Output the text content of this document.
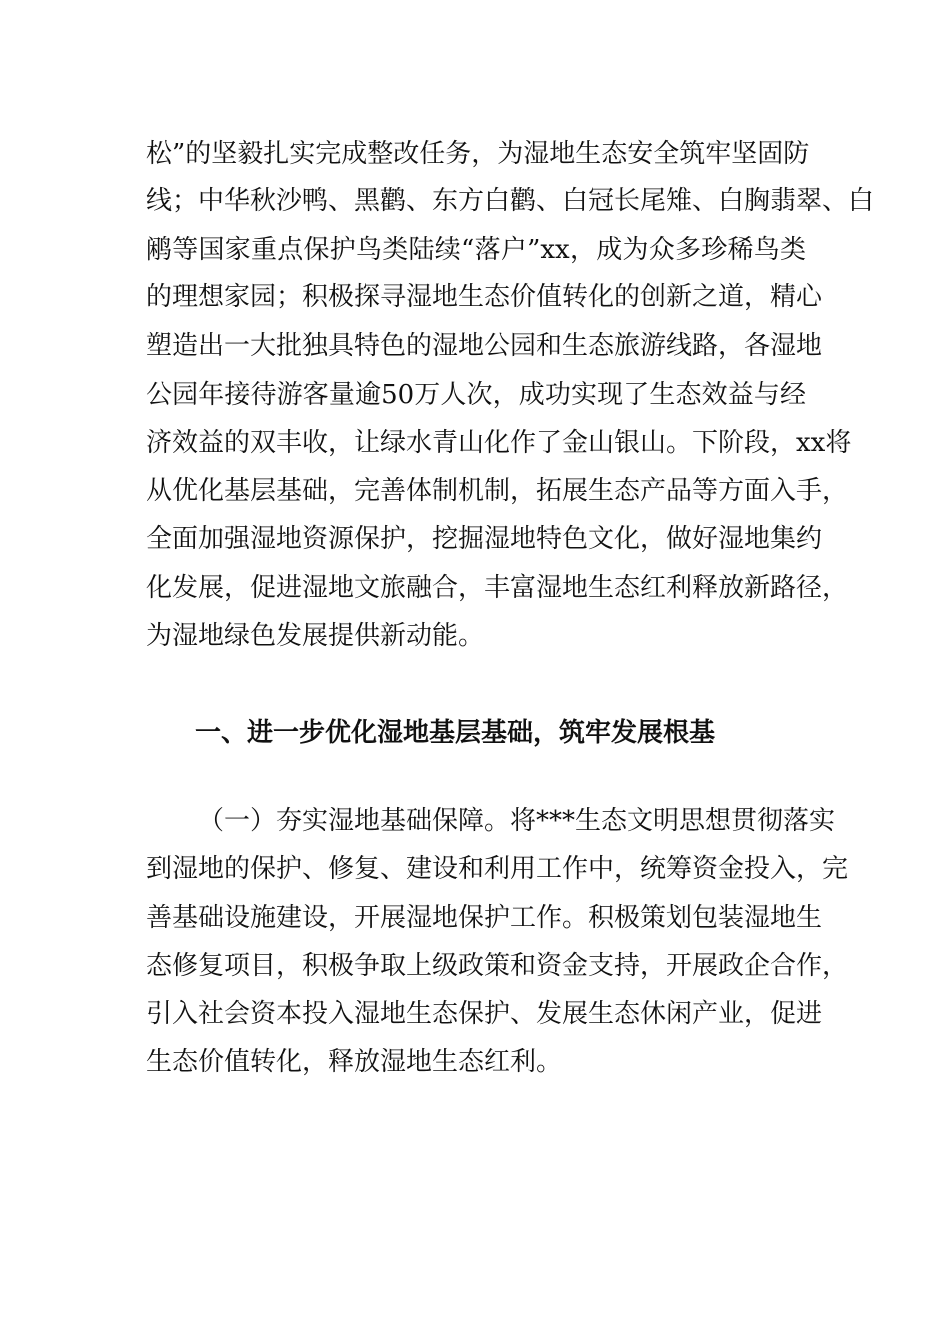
松”的坚毅扎实完成整改任务，为湿地生态安全筑牢坚固防
线；中华秋沙鸭、黑鹳、东方白鹳、白冠长尾雉、白胸翡翠、白
鹇等国家重点保护鸟类陆续“落户”xx，成为众多珍稀鸟类
的理想家园；积极探寻湿地生态价值转化的创新之道，精心
塑造出一大批独具特色的湿地公园和生态旅游线路，各湿地
公园年接待游客量逾50万人次，成功实现了生态效益与经
济效益的双丰收，让绿水青山化作了金山银山。下阶段，xx将
从优化基层基础，完善体制机制，拓展生态产品等方面入手，
全面加强湿地资源保护，挖掘湿地特色文化，做好湿地集约
化发展，促进湿地文旅融合，丰富湿地生态红利释放新路径，
为湿地绿色发展提供新动能。
一、进一步优化湿地基层基础，筑牢发展根基
（一）夯实湿地基础保障。将***生态文明思想贯彻落实
到湿地的保护、修复、建设和利用工作中，统筹资金投入，完
善基础设施建设，开展湿地保护工作。积极策划包装湿地生
态修复项目，积极争取上级政策和资金支持，开展政企合作，
引入社会资本投入湿地生态保护、发展生态休闲产业，促进
生态价值转化，释放湿地生态红利。
